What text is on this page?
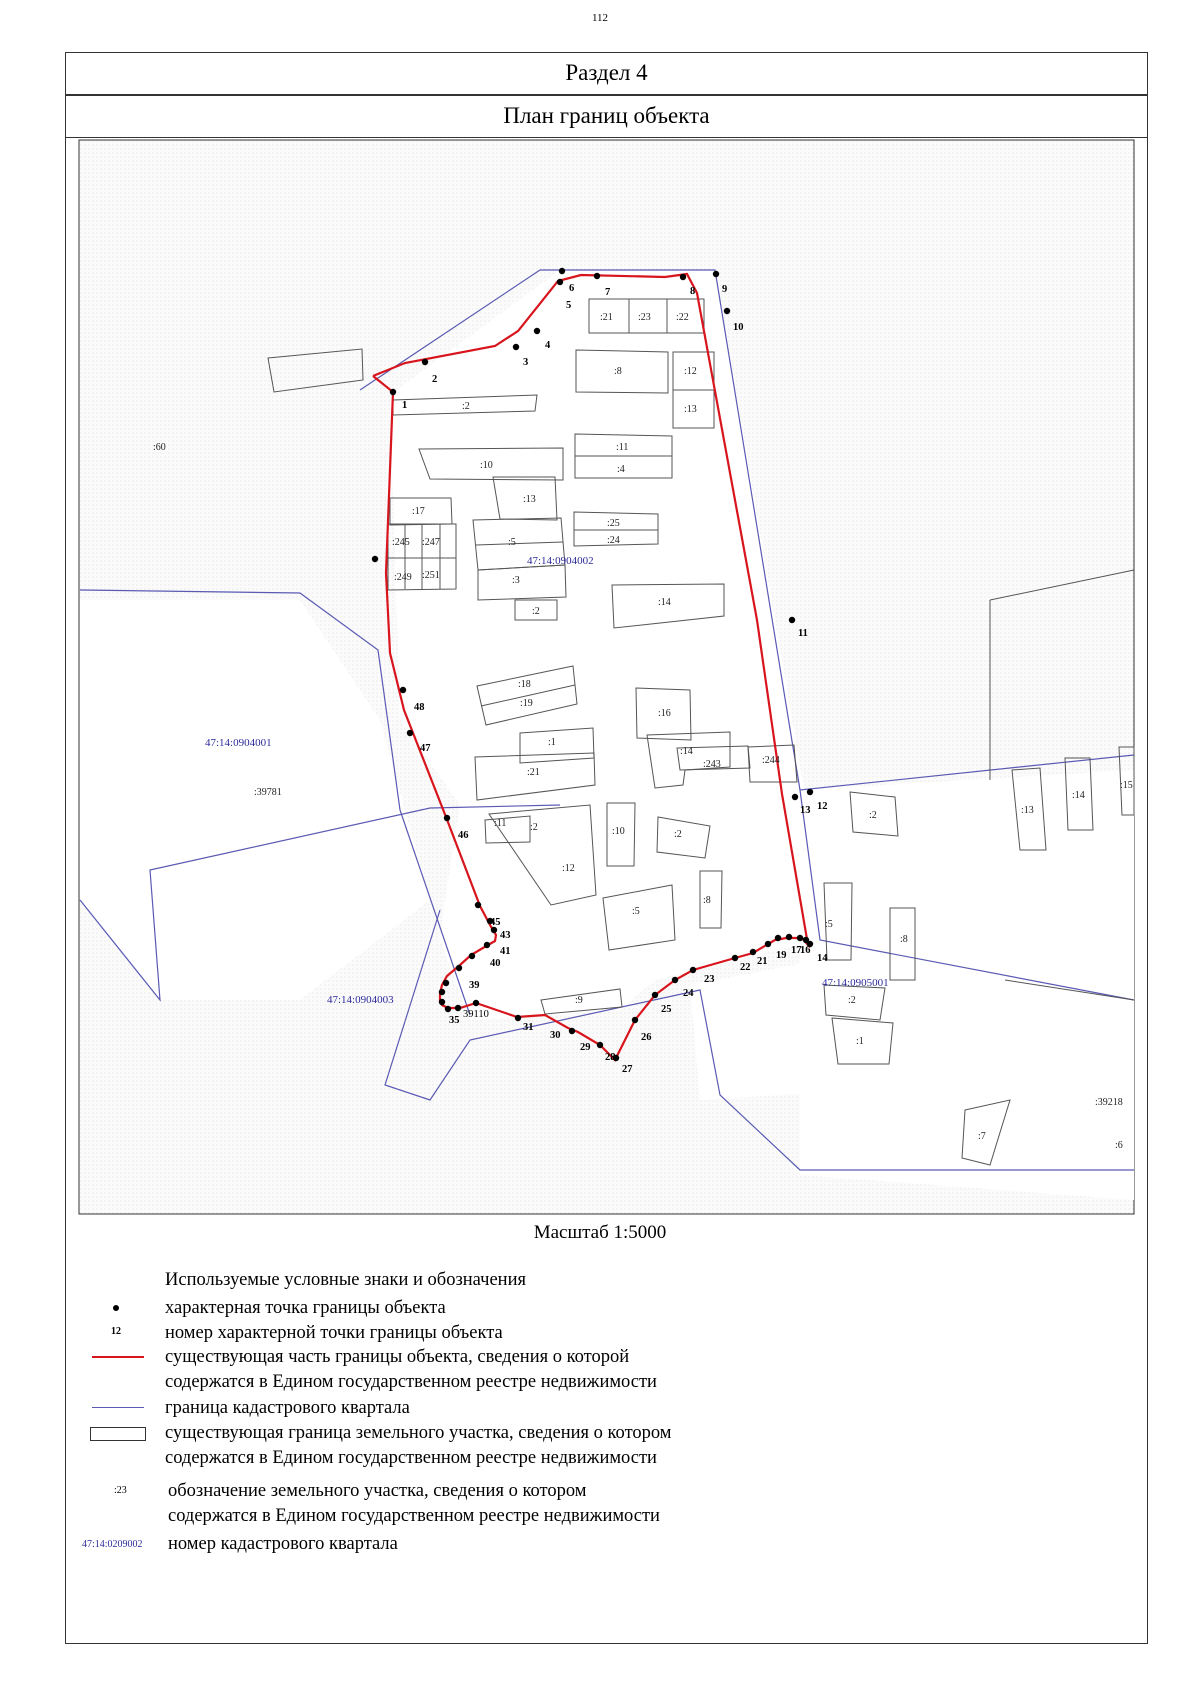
112
Раздел 4
План границ объекта
1
2
3
4
5
6	7	8	9
10
11
12
13
14
16
17
19
21
22
23
24
25
26
27
28
29
30
31
35
39
40
41
43
45
46
47
48
39110
:2
:21	:23	:22
:8	:12
:13
:11
:4
:10
:13
:17
:245 :247
:249 :251
:5
:3
:2
:25
:24
:14
:18
:19
:16
:1
:21
:14
:243	:244
:11 :2	:10	:2
:12
:8
:5
:9
:5
:8
:2
:1
:2	:13
:14
:15
:7
:6
:60
:39781
:39218
47:14:0904002
47:14:0904001
47:14:0904003
47:14:0905001
Масштаб 1:5000
Используемые условные знаки и обозначения
характерная точка границы объекта
12 номер характерной точки границы объекта
существующая часть границы объекта, сведения о которой
содержатся в Едином государственном реестре недвижимости
граница кадастрового квартала
существующая граница земельного участка, сведения о котором
содержатся в Едином государственном реестре недвижимости
:23 обозначение земельного участка, сведения о котором
содержатся в Едином государственном реестре недвижимости
47:14:0209002 номер кадастрового квартала
